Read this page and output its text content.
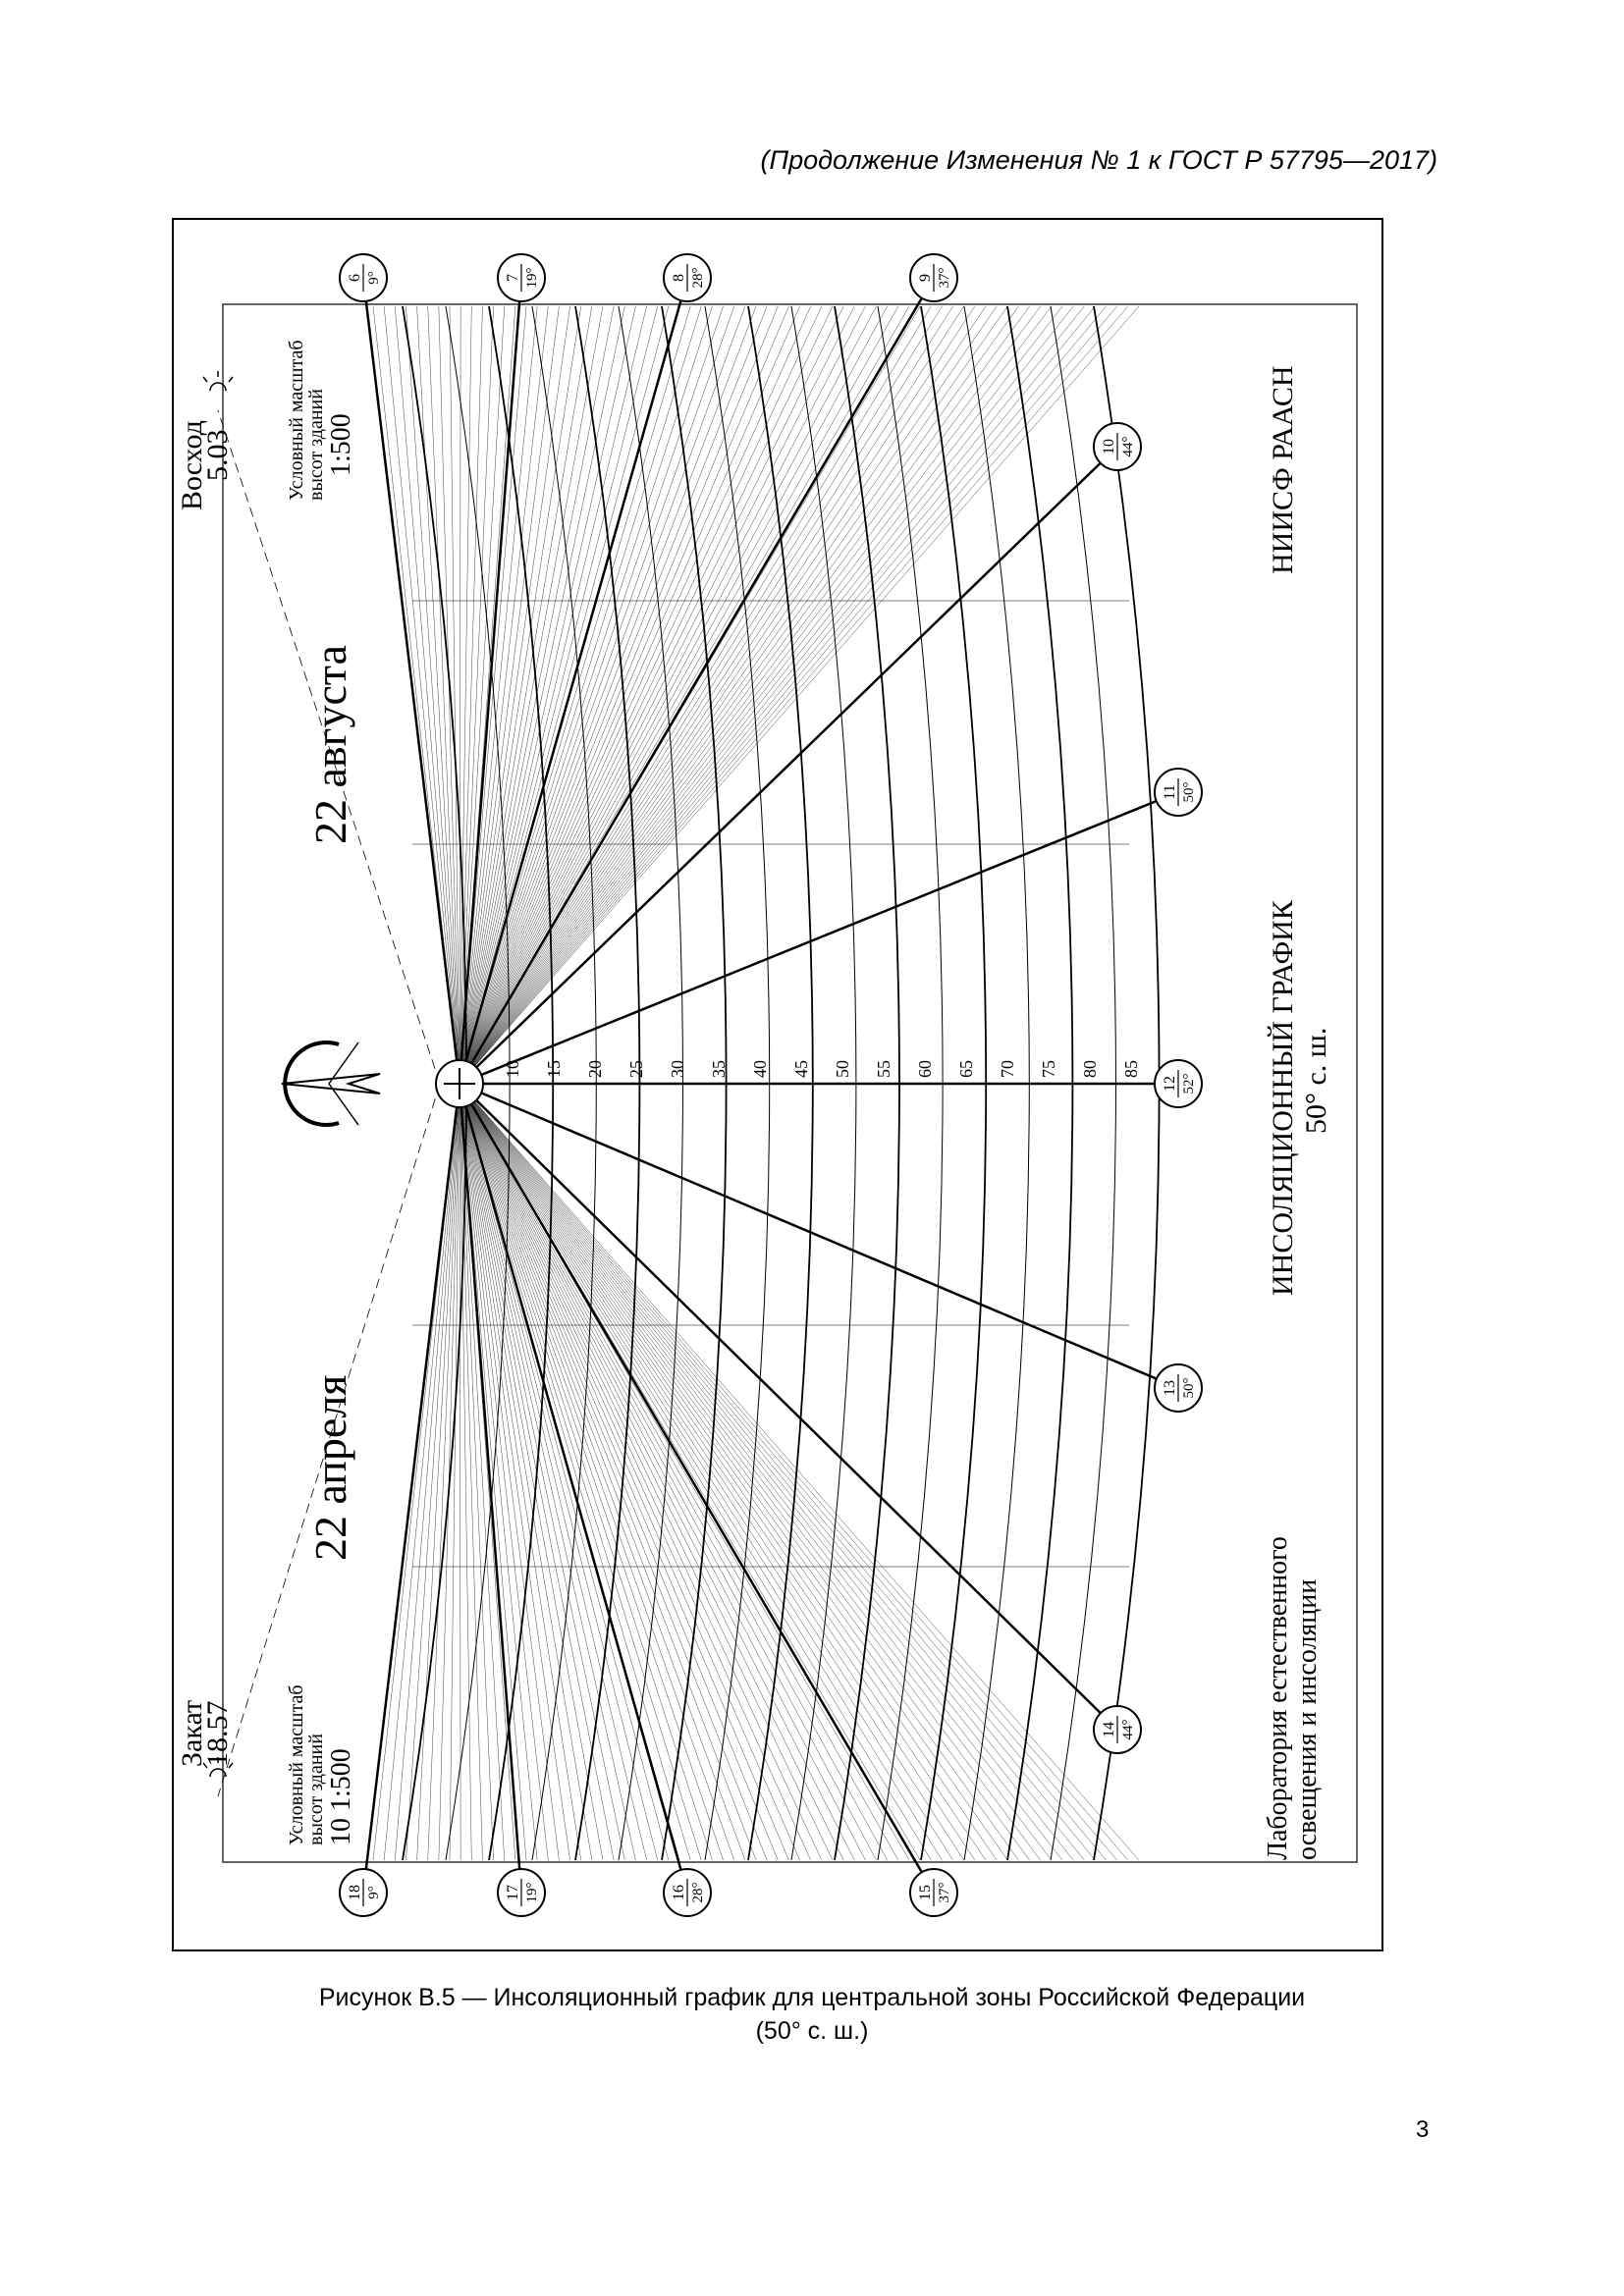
(Продолжение Изменения № 1 к ГОСТ Р 57795—2017)
10 15 20 25 30 35 40 45 50 55 60 65 70 75 80 85
6 9°	7 19°	8 28°	9 37°
10 44°
11 50°
12 52°
13 50°
14 44°
15 37°
16 28°
17 19°
18 9°
Восход
5.03
Закат
18.57
Условный масштаб
высот зданий 1:500
Условный масштаб
высот зданий 10 1:500
22 августа
22 апреля
НИИСФ РААСН
ИНСОЛЯЦИОННЫЙ ГРАФИК 50° с. ш.
Лаборатория естественного освещения и инсоляции
Рисунок В.5 — Инсоляционный график для центральной зоны Российской Федерации
(50° с. ш.)
3
